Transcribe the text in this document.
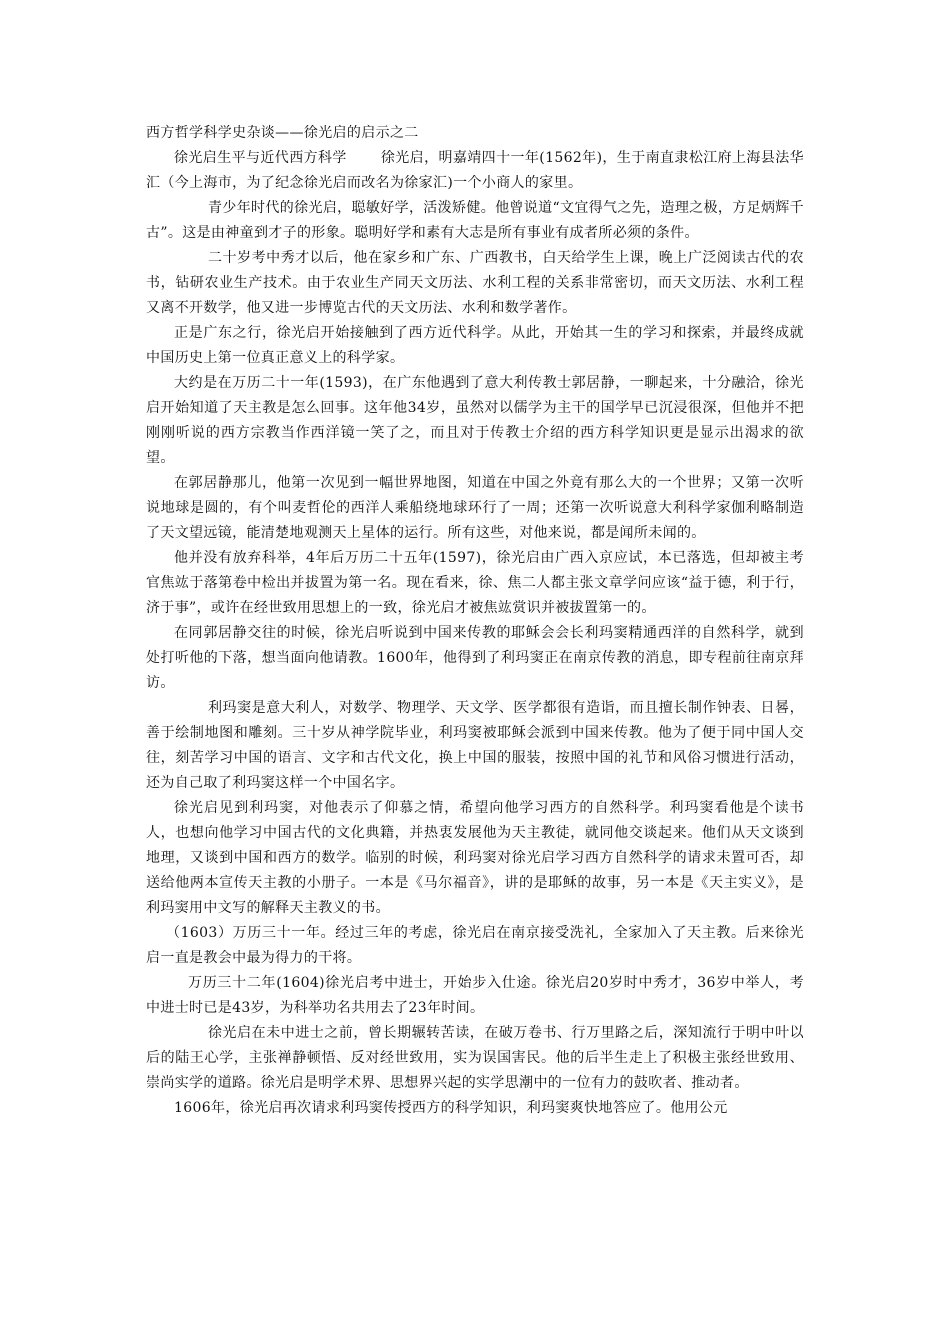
西方哲学科学史杂谈——徐光启的启示之二

徐光启生平与近代西方科学 徐光启，明嘉靖四十一年(1562年)，生于南直隶松江府上海县法华汇（今上海市，为了纪念徐光启而改名为徐家汇)一个小商人的家里。

青少年时代的徐光启，聪敏好学，活泼矫健。他曾说道“文宜得气之先，造理之极，方足炳辉千古”。这是由神童到才子的形象。聪明好学和素有大志是所有事业有成者所必须的条件。

二十岁考中秀才以后，他在家乡和广东、广西教书，白天给学生上课，晚上广泛阅读古代的农书，钻研农业生产技术。由于农业生产同天文历法、水利工程的关系非常密切，而天文历法、水利工程又离不开数学，他又进一步博览古代的天文历法、水利和数学著作。

正是广东之行，徐光启开始接触到了西方近代科学。从此，开始其一生的学习和探索，并最终成就中国历史上第一位真正意义上的科学家。

大约是在万历二十一年(1593)，在广东他遇到了意大利传教士郭居静，一聊起来，十分融洽，徐光启开始知道了天主教是怎么回事。这年他34岁，虽然对以儒学为主干的国学早已沉浸很深，但他并不把刚刚听说的西方宗教当作西洋镜一笑了之，而且对于传教士介绍的西方科学知识更是显示出渴求的欲望。

在郭居静那儿，他第一次见到一幅世界地图，知道在中国之外竟有那么大的一个世界；又第一次听说地球是圆的，有个叫麦哲伦的西洋人乘船绕地球环行了一周；还第一次听说意大利科学家伽利略制造了天文望远镜，能清楚地观测天上星体的运行。所有这些，对他来说，都是闻所未闻的。

他并没有放弃科举，4年后万历二十五年(1597)，徐光启由广西入京应试，本已落选，但却被主考官焦竑于落第卷中检出并拔置为第一名。现在看来，徐、焦二人都主张文章学问应该“益于德，利于行，济于事”，或许在经世致用思想上的一致，徐光启才被焦竑赏识并被拔置第一的。

在同郭居静交往的时候，徐光启听说到中国来传教的耶稣会会长利玛窦精通西洋的自然科学，就到处打听他的下落，想当面向他请教。1600年，他得到了利玛窦正在南京传教的消息，即专程前往南京拜访。

利玛窦是意大利人，对数学、物理学、天文学、医学都很有造诣，而且擅长制作钟表、日晷，善于绘制地图和雕刻。三十岁从神学院毕业，利玛窦被耶稣会派到中国来传教。他为了便于同中国人交往，刻苦学习中国的语言、文字和古代文化，换上中国的服装，按照中国的礼节和风俗习惯进行活动，还为自己取了利玛窦这样一个中国名字。

徐光启见到利玛窦，对他表示了仰慕之情，希望向他学习西方的自然科学。利玛窦看他是个读书人，也想向他学习中国古代的文化典籍，并热衷发展他为天主教徒，就同他交谈起来。他们从天文谈到地理，又谈到中国和西方的数学。临别的时候，利玛窦对徐光启学习西方自然科学的请求未置可否，却送给他两本宣传天主教的小册子。一本是《马尔福音》，讲的是耶稣的故事，另一本是《天主实义》，是利玛窦用中文写的解释天主教义的书。

（1603）万历三十一年。经过三年的考虑，徐光启在南京接受洗礼，全家加入了天主教。后来徐光启一直是教会中最为得力的干将。

万历三十二年(1604)徐光启考中进士，开始步入仕途。徐光启20岁时中秀才，36岁中举人，考中进士时已是43岁，为科举功名共用去了23年时间。

徐光启在未中进士之前，曾长期辗转苦读，在破万卷书、行万里路之后，深知流行于明中叶以后的陆王心学，主张禅静顿悟、反对经世致用，实为误国害民。他的后半生走上了积极主张经世致用、崇尚实学的道路。徐光启是明学术界、思想界兴起的实学思潮中的一位有力的鼓吹者、推动者。

1606年，徐光启再次请求利玛窦传授西方的科学知识，利玛窦爽快地答应了。他用公元
